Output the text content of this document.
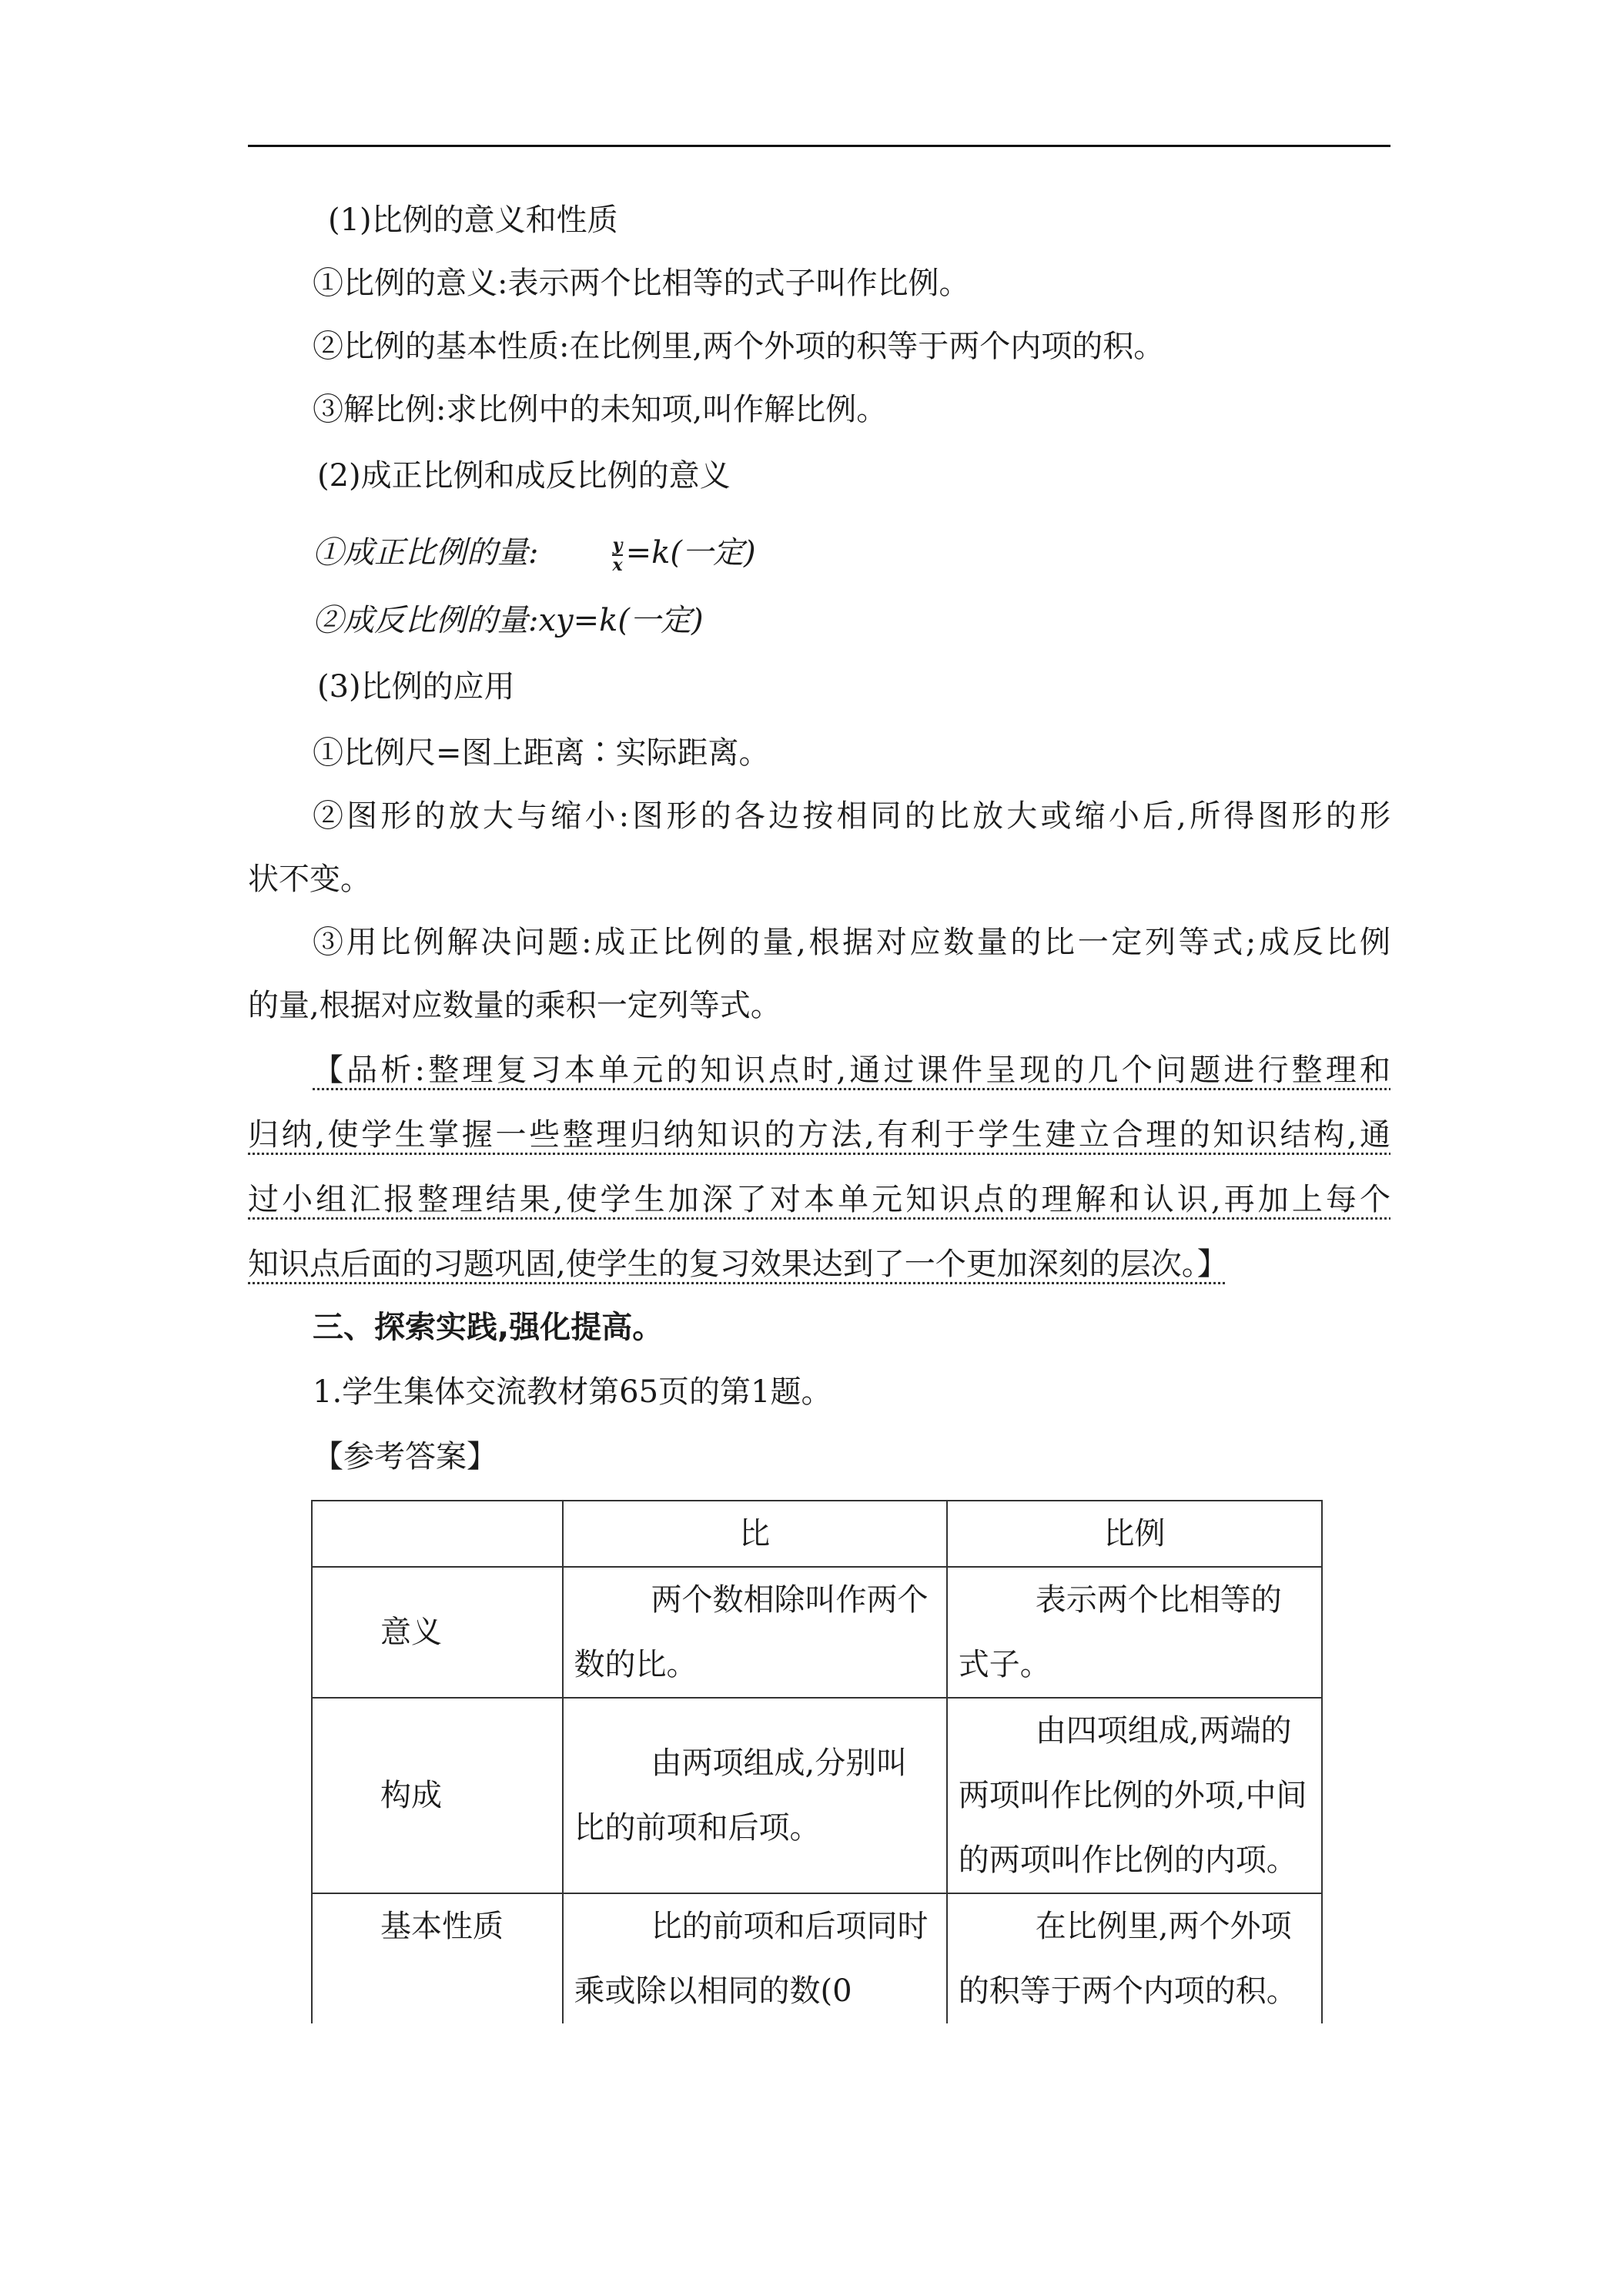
(1)比例的意义和性质
①比例的意义:表示两个比相等的式子叫作比例。
②比例的基本性质:在比例里,两个外项的积等于两个内项的积。
③解比例:求比例中的未知项,叫作解比例。
(2)成正比例和成反比例的意义
①成正比例的量:	$\frac{y}{x} =k$(一定)
②成反比例的量:xy=k(一定)
(3)比例的应用
①比例尺=图上距离∶实际距离。
②图形的放大与缩小:图形的各边按相同的比放大或缩小后,所得图形的形
状不变。
③用比例解决问题:成正比例的量,根据对应数量的比一定列等式;成反比例
的量,根据对应数量的乘积一定列等式。
【品析:整理复习本单元的知识点时,通过课件呈现的几个问题进行整理和
归纳,使学生掌握一些整理归纳知识的方法,有利于学生建立合理的知识结构,通
过小组汇报整理结果,使学生加深了对本单元知识点的理解和认识,再加上每个
知识点后面的习题巩固,使学生的复习效果达到了一个更加深刻的层次。】
三、探索实践,强化提高。
1.学生集体交流教材第65页的第1题。
【参考答案】
	比	比例
意义	两个数相除叫作两个数的比。	表示两个比相等的式子。
构成	由两项组成,分别叫比的前项和后项。	由四项组成,两端的两项叫作比例的外项,中间的两项叫作比例的内项。
基本性质	比的前项和后项同时乘或除以相同的数(0	在比例里,两个外项的积等于两个内项的积。
